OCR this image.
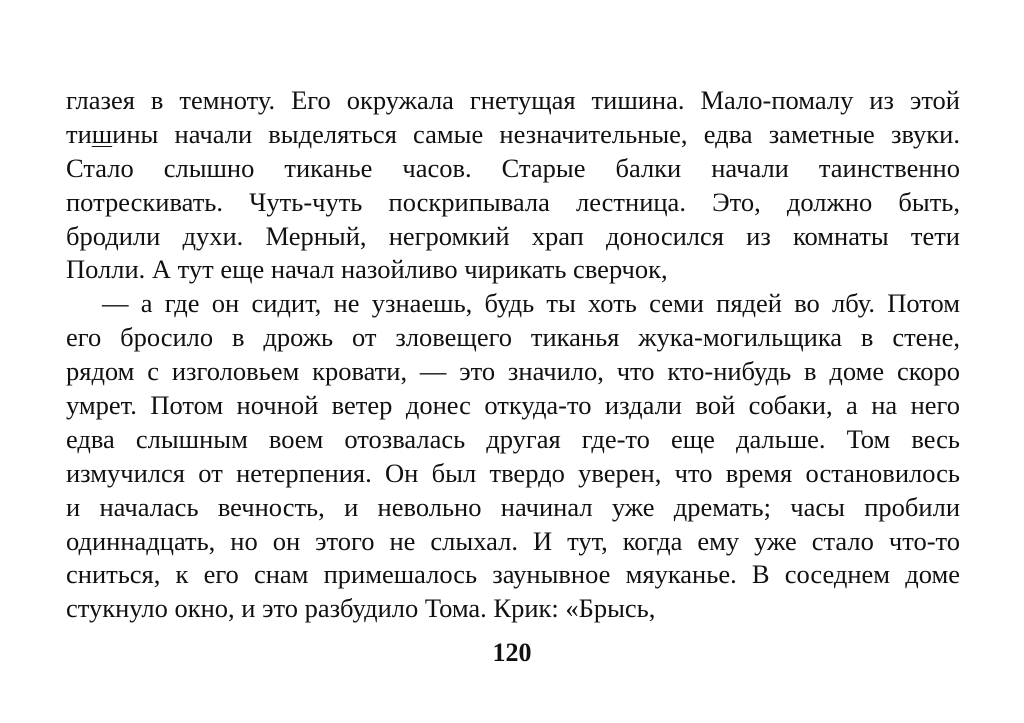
глазея в темноту. Его окружала гнетущая тишина. Мало-помалу из этой
тишины начали выделяться самые незначительные, едва заметные звуки.
Стало слышно тиканье часов. Старые балки начали таинственно
потрескивать. Чуть-чуть поскрипывала лестница. Это, должно быть,
бродили духи. Мерный, негромкий храп доносился из комнаты тети
Полли. А тут еще начал назойливо чирикать сверчок,
— а где он сидит, не узнаешь, будь ты хоть семи пядей во лбу. Потом
его бросило в дрожь от зловещего тиканья жука-могильщика в стене,
рядом с изголовьем кровати, — это значило, что кто-нибудь в доме скоро
умрет. Потом ночной ветер донес откуда-то издали вой собаки, а на него
едва слышным воем отозвалась другая где-то еще дальше. Том весь
измучился от нетерпения. Он был твердо уверен, что время остановилось
и началась вечность, и невольно начинал уже дремать; часы пробили
одиннадцать, но он этого не слыхал. И тут, когда ему уже стало что-то
сниться, к его снам примешалось заунывное мяуканье. В соседнем доме
стукнуло окно, и это разбудило Тома. Крик: «Брысь,
120
